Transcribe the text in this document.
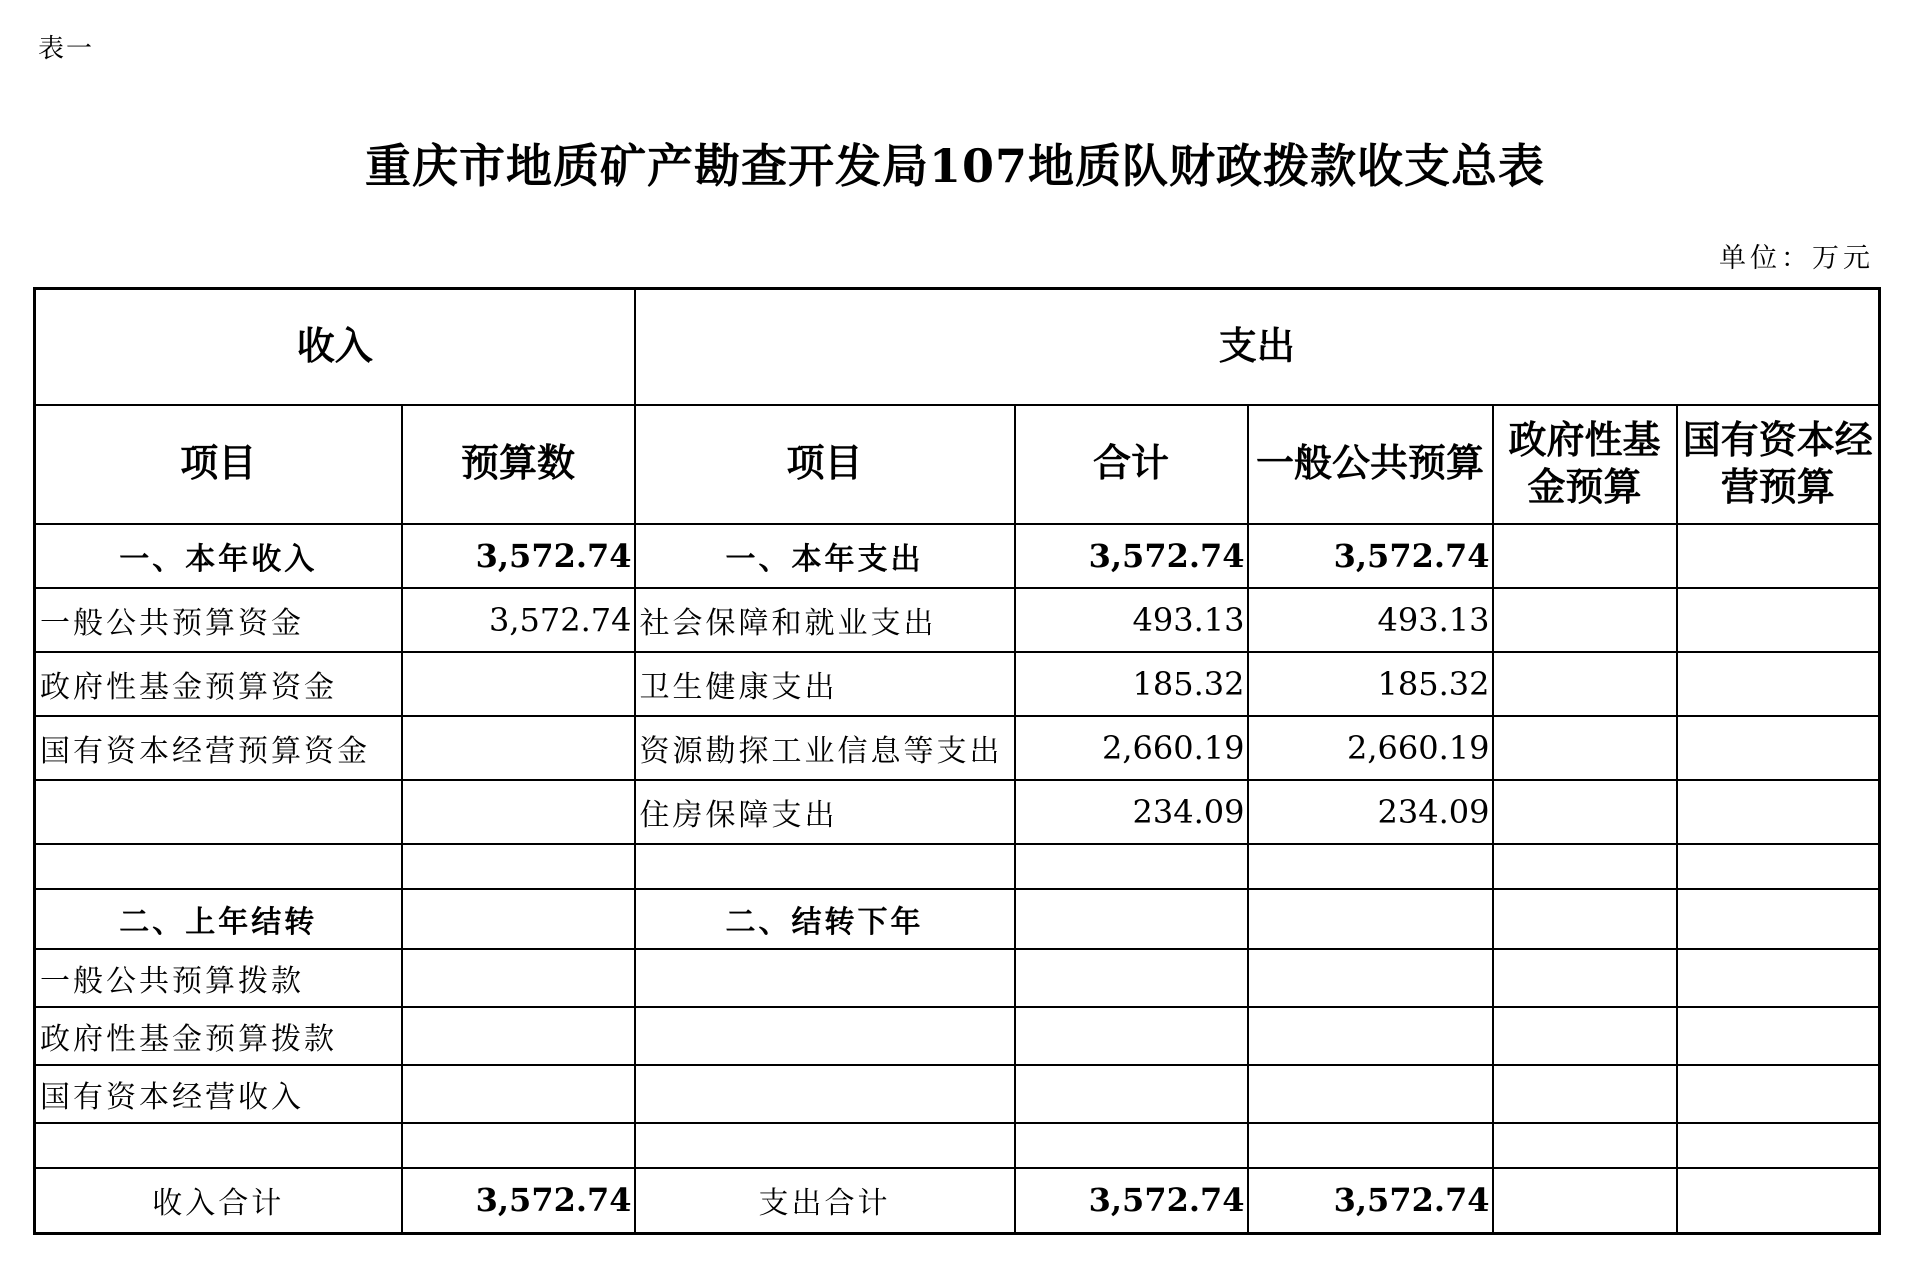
表一
重庆市地质矿产勘查开发局107地质队财政拨款收支总表
单位：万元
收入		支出				
项目	预算数	项目	合计	一般公共预算	政府性基金预算	国有资本经营预算
一、本年收入	3,572.74	一、本年支出	3,572.74	3,572.74		
一般公共预算资金	3,572.74	社会保障和就业支出	493.13	493.13		
政府性基金预算资金		卫生健康支出	185.32	185.32		
国有资本经营预算资金		资源勘探工业信息等支出	2,660.19	2,660.19		
		住房保障支出	234.09	234.09		

二、上年结转		二、结转下年				
一般公共预算拨款						
政府性基金预算拨款						
国有资本经营收入						

收入合计	3,572.74	支出合计	3,572.74	3,572.74		
